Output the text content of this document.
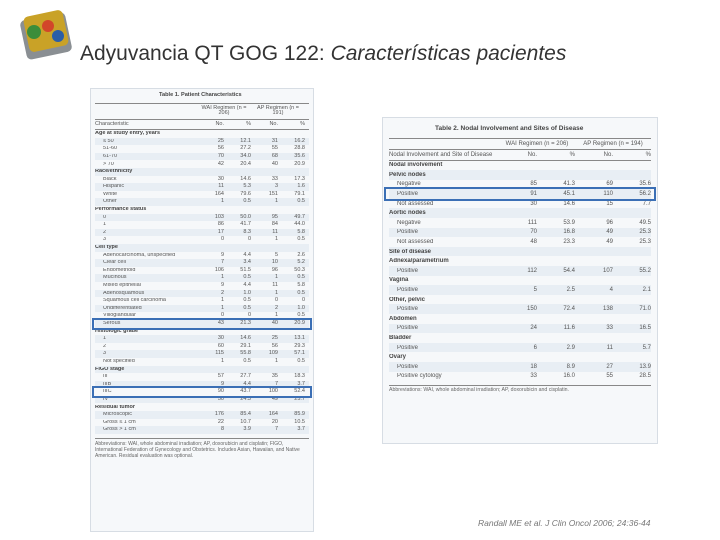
Adyuvancia QT GOG 122: Características pacientes
Table 1. Patient Characteristics
WAI Regimen (n = 206)
AP Regimen (n = 191)
Characteristic	No.	%	No.	%
Age at study entry, years
≤ 50	25	12.1	31	16.2
51-60	56	27.2	55	28.8
61-70	70	34.0	68	35.6
> 70	42	20.4	40	20.9
Race/ethnicity
Black	30	14.6	33	17.3
Hispanic	11	5.3	3	1.6
White	164	79.6	151	79.1
Other	1	0.5	1	0.5
Performance status
0	103	50.0	95	49.7
1	86	41.7	84	44.0
2	17	8.3	11	5.8
3	0	0	1	0.5
Cell type
Adenocarcinoma, unspecified	9	4.4	5	2.6
Clear cell	7	3.4	10	5.2
Endometrioid	106	51.5	96	50.3
Mucinous	1	0.5	1	0.5
Mixed epithelial	9	4.4	11	5.8
Adenosquamous	2	1.0	1	0.5
Squamous cell carcinoma	1	0.5	0	0
Undifferentiated	1	0.5	2	1.0
Villoglandular	0	0	1	0.5
Serous	43	21.3	40	20.9
Histologic grade
1	30	14.6	25	13.1
2	60	29.1	56	29.3
3	115	55.8	109	57.1
Not specified	1	0.5	1	0.5
FIGO stage
III	57	27.7	35	18.3
IIIB	9	4.4	7	3.7
IIIC	90	43.7	100	52.4
IV	50	24.3	49	25.7
Residual tumor
Microscopic	176	85.4	164	85.9
Gross ≤ 1 cm	22	10.7	20	10.5
Gross > 1 cm	8	3.9	7	3.7
Abbreviations: WAI, whole abdominal irradiation; AP, doxorubicin and cisplatin; FIGO, International Federation of Gynecology and Obstetrics. Includes Asian, Hawaiian, and Native American. Residual evaluation was optional.
Table 2. Nodal Involvement and Sites of Disease
WAI Regimen (n = 206)	AP Regimen (n = 194)
Nodal Involvement and Site of Disease	No.	%	No.	%
Nodal involvement
Pelvic nodes
Negative	85	41.3	69	35.6
Positive	91	45.1	110	56.2
Not assessed	30	14.6	15	7.7
Aortic nodes
Negative	111	53.9	96	49.5
Positive	70	16.8	49	25.3
Not assessed	48	23.3	49	25.3
Site of disease
Adnexa/parametrium
Positive	112	54.4	107	55.2
Vagina
Positive	5	2.5	4	2.1
Other, pelvic
Positive	150	72.4	138	71.0
Abdomen
Positive	24	11.6	33	16.5
Bladder
Positive	6	2.9	11	5.7
Ovary
Positive	18	8.9	27	13.9
Positive cytology	33	16.0	55	28.5
Abbreviations: WAI, whole abdominal irradiation; AP, doxorubicin and cisplatin.
Randall ME et al. J Clin Oncol 2006; 24:36-44
